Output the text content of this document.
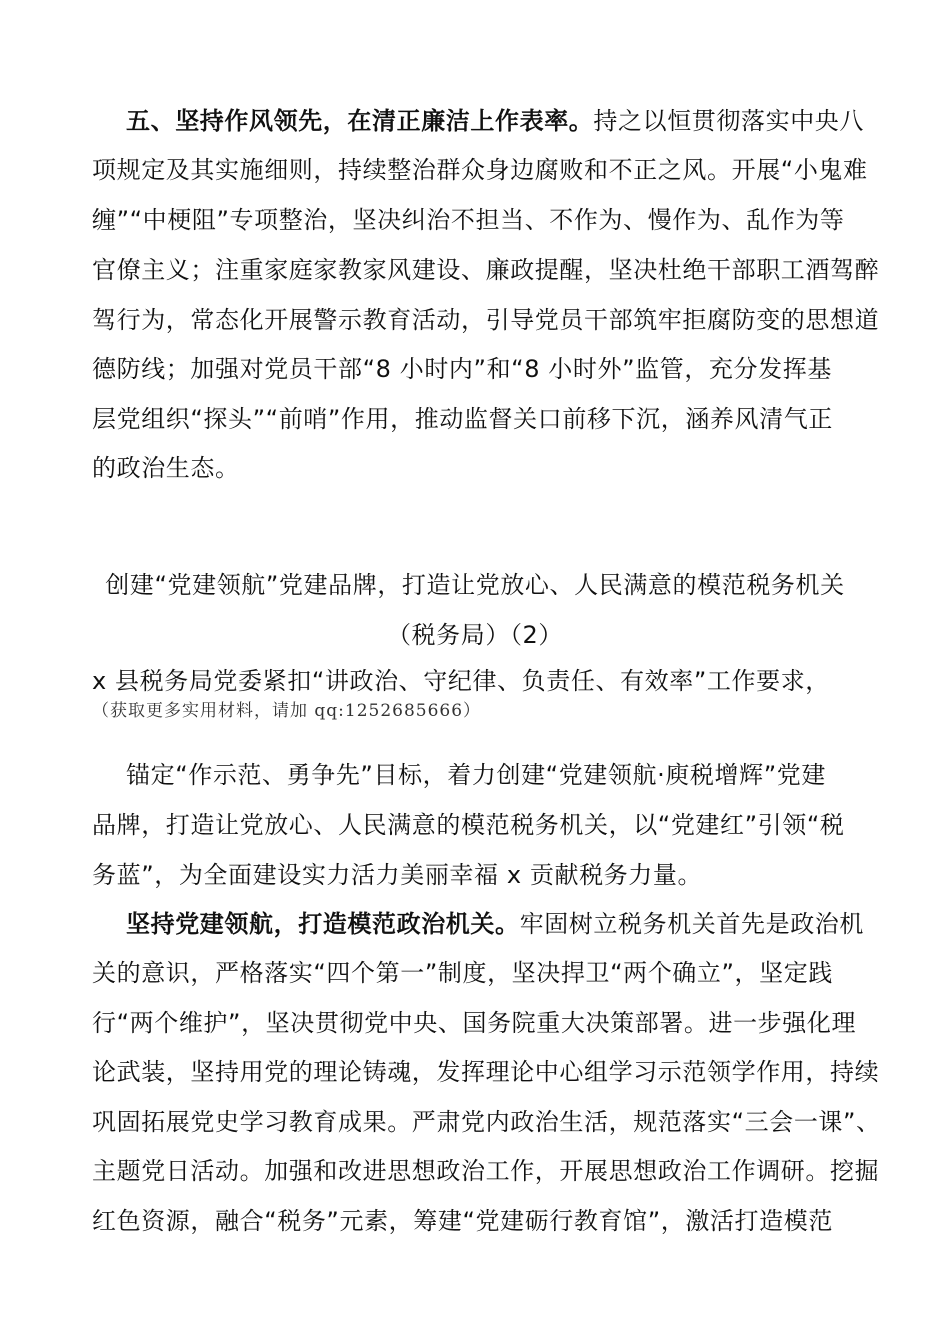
五、坚持作风领先，在清正廉洁上作表率。持之以恒贯彻落实中央八
项规定及其实施细则，持续整治群众身边腐败和不正之风。开展“小鬼难
缠”“中梗阻”专项整治，坚决纠治不担当、不作为、慢作为、乱作为等
官僚主义；注重家庭家教家风建设、廉政提醒，坚决杜绝干部职工酒驾醉
驾行为，常态化开展警示教育活动，引导党员干部筑牢拒腐防变的思想道
德防线；加强对党员干部“8 小时内”和“8 小时外”监管，充分发挥基
层党组织“探头”“前哨”作用，推动监督关口前移下沉，涵养风清气正
的政治生态。
创建“党建领航”党建品牌，打造让党放心、人民满意的模范税务机关
（税务局）（2）
x 县税务局党委紧扣“讲政治、守纪律、负责任、有效率”工作要求，
（获取更多实用材料，请加 qq:1252685666）
锚定“作示范、勇争先”目标，着力创建“党建领航·庾税增辉”党建
品牌，打造让党放心、人民满意的模范税务机关，以“党建红”引领“税
务蓝”，为全面建设实力活力美丽幸福 x 贡献税务力量。
坚持党建领航，打造模范政治机关。牢固树立税务机关首先是政治机
关的意识，严格落实“四个第一”制度，坚决捍卫“两个确立”，坚定践
行“两个维护”，坚决贯彻党中央、国务院重大决策部署。进一步强化理
论武装，坚持用党的理论铸魂，发挥理论中心组学习示范领学作用，持续
巩固拓展党史学习教育成果。严肃党内政治生活，规范落实“三会一课”、
主题党日活动。加强和改进思想政治工作，开展思想政治工作调研。挖掘
红色资源，融合“税务”元素，筹建“党建砺行教育馆”，激活打造模范
